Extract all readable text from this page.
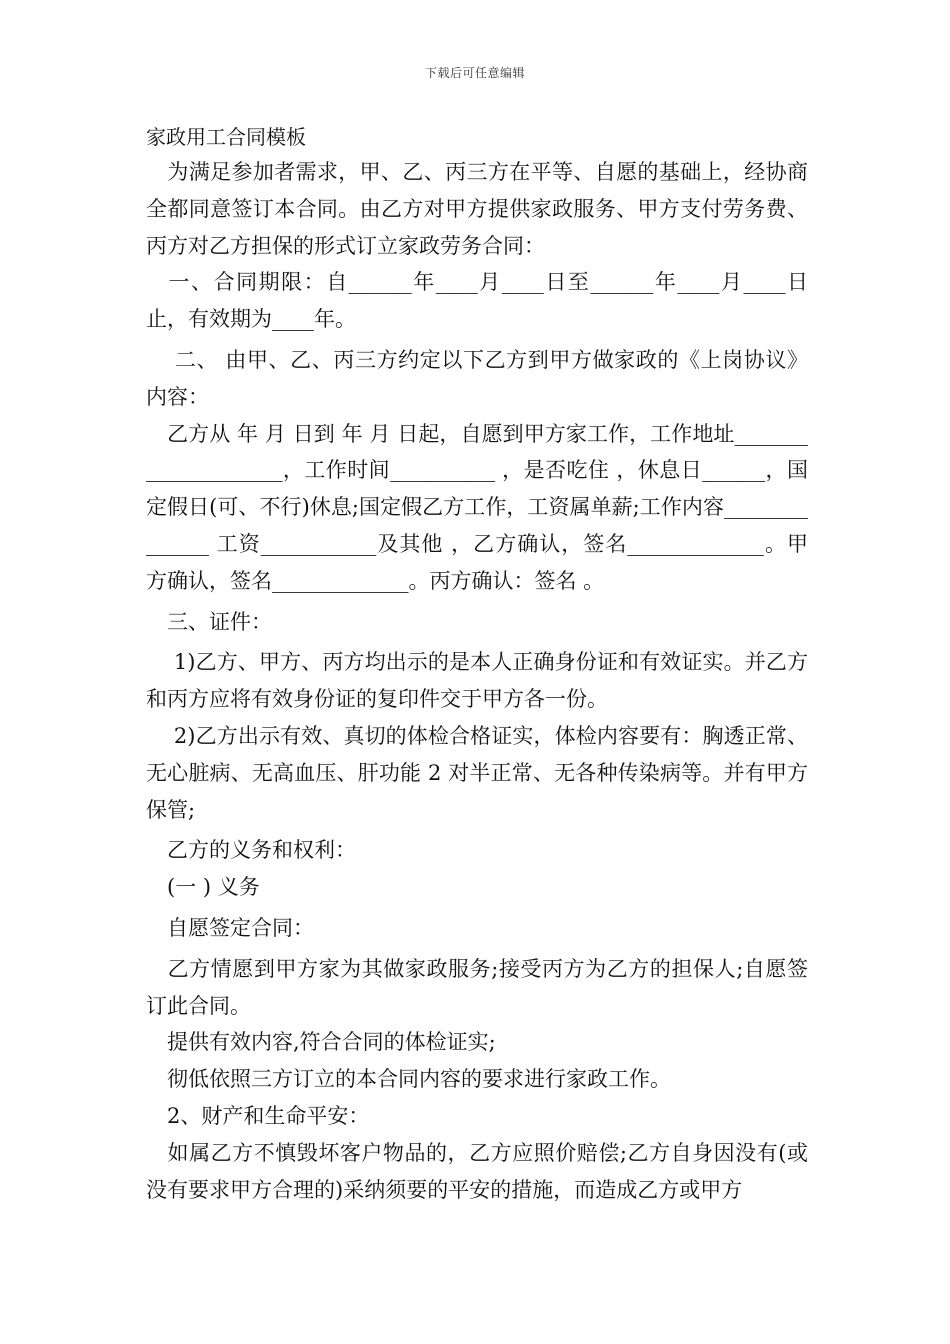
下载后可任意编辑
家政用工合同模板

　为满足参加者需求，甲、乙、丙三方在平等、自愿的基础上，经协商全都同意签订本合同。由乙方对甲方提供家政服务、甲方支付劳务费、丙方对乙方担保的形式订立家政劳务合同：

　一、合同期限：自______年____月____日至______年____月____日止，有效期为____年。

　 二、 由甲、乙、丙三方约定以下乙方到甲方做家政的《上岗协议》内容：

　乙方从 年 月 日到 年 月 日起，自愿到甲方家工作，工作地址____________________，工作时间__________ ，是否吃住 ，休息日______，国定假日(可、不行)休息;国定假乙方工作，工资属单薪;工作内容______________ 工资___________及其他 ，乙方确认，签名_____________。甲方确认，签名_____________。丙方确认：签名 。

　三、证件：

　 1)乙方、甲方、丙方均出示的是本人正确身份证和有效证实。并乙方和丙方应将有效身份证的复印件交于甲方各一份。

　 2)乙方出示有效、真切的体检合格证实，体检内容要有：胸透正常、无心脏病、无高血压、肝功能 2 对半正常、无各种传染病等。并有甲方保管;

　乙方的义务和权利：

　(一 ) 义务

　自愿签定合同：

　乙方情愿到甲方家为其做家政服务;接受丙方为乙方的担保人;自愿签订此合同。

　提供有效内容,符合合同的体检证实;

　彻低依照三方订立的本合同内容的要求进行家政工作。

　2、财产和生命平安：

　如属乙方不慎毁坏客户物品的，乙方应照价赔偿;乙方自身因没有(或没有要求甲方合理的)采纳须要的平安的措施，而造成乙方或甲方
